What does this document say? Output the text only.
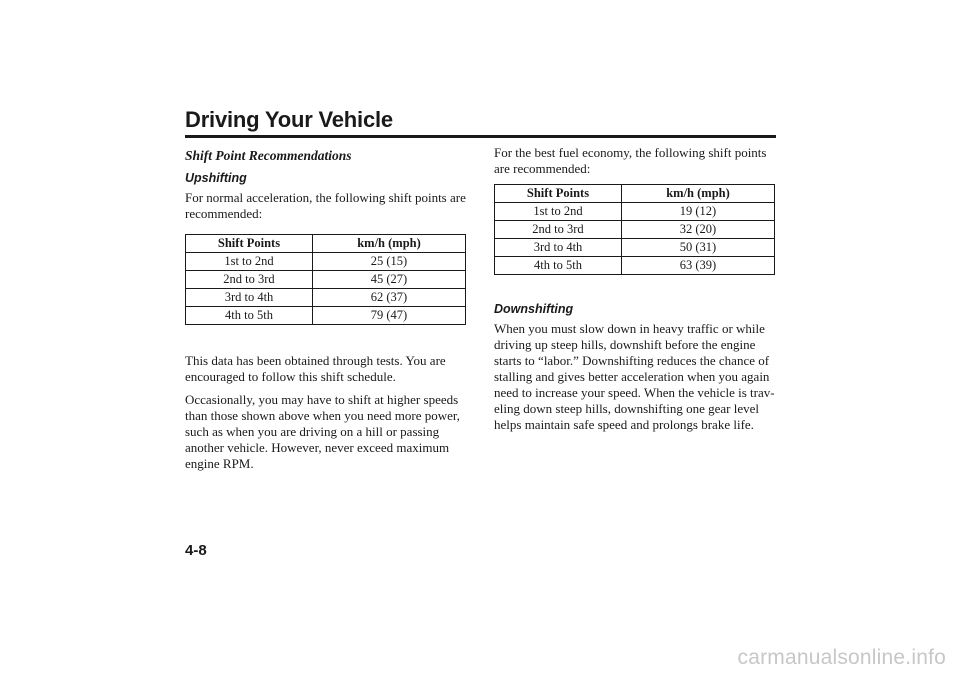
Driving Your Vehicle
Shift Point Recommendations
Upshifting

For normal acceleration, the following shift points are recommended:

Shift Points	km/h (mph)
1st to 2nd	25 (15)
2nd to 3rd	45 (27)
3rd to 4th	62 (37)
4th to 5th	79 (47)

This data has been obtained through tests. You are encouraged to follow this shift schedule.

Occasionally, you may have to shift at higher speeds than those shown above when you need more power, such as when you are driving on a hill or passing another vehicle. However, never exceed maximum engine RPM.

For the best fuel economy, the following shift points are recommended:

Shift Points	km/h (mph)
1st to 2nd	19 (12)
2nd to 3rd	32 (20)
3rd to 4th	50 (31)
4th to 5th	63 (39)
Downshifting

When you must slow down in heavy traffic or while driving up steep hills, downshift before the engine starts to “labor.” Downshifting reduces the chance of stalling and gives better acceleration when you again need to increase your speed. When the vehicle is trav-eling down steep hills, downshifting one gear level helps maintain safe speed and prolongs brake life.

4-8
carmanualsonline.info
